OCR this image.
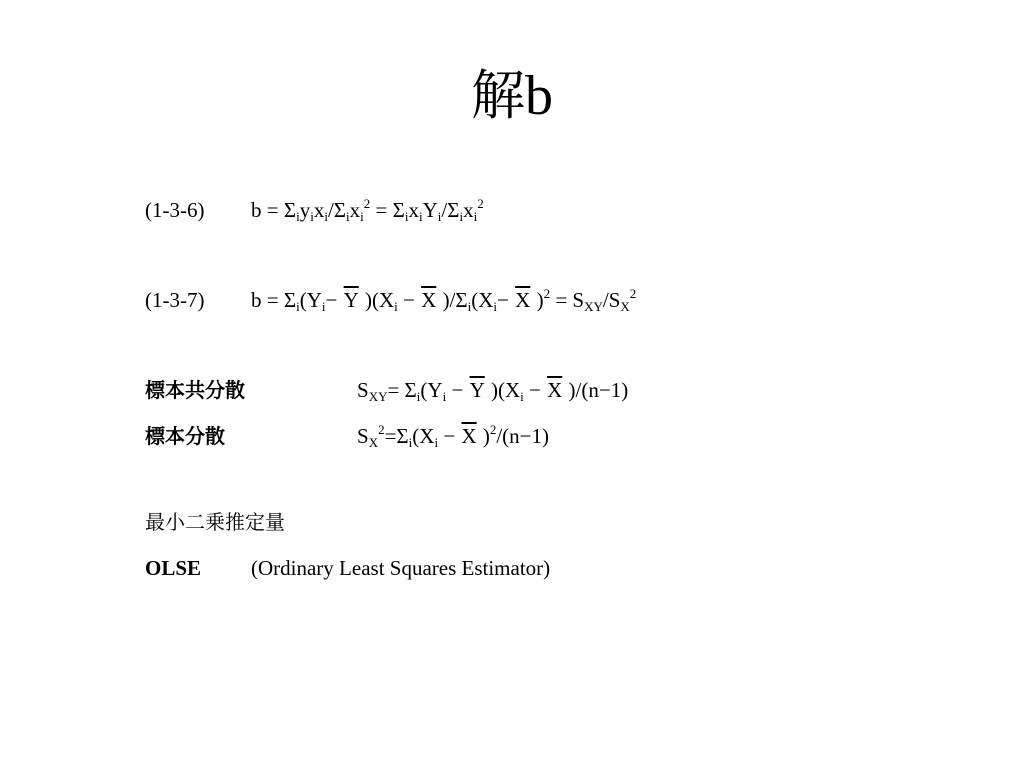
解b
(1-3-6) $b = \Sigma_iy_ix_i/\Sigma_ix_i^2 = \Sigma_ix_iY_i/\Sigma_ix_i^2$
(1-3-7) $b = \Sigma_i(Y_i- \overline{Y}$ )($X_i - \overline{X}$ )$/\Sigma_i(X_i- \overline{X}$ )$^2 = S_{XY}/S_X^2$
標本共分散	$S_{XY}= \Sigma_i(Y_i - \overline{Y}$ )($X_i - \overline{X}$ )/(n−1)
標本分散	$S_X^2=\Sigma_i(X_i - \overline{X}$ )$^2$/(n−1)
最小二乗推定量
OLSE (Ordinary Least Squares Estimator)
